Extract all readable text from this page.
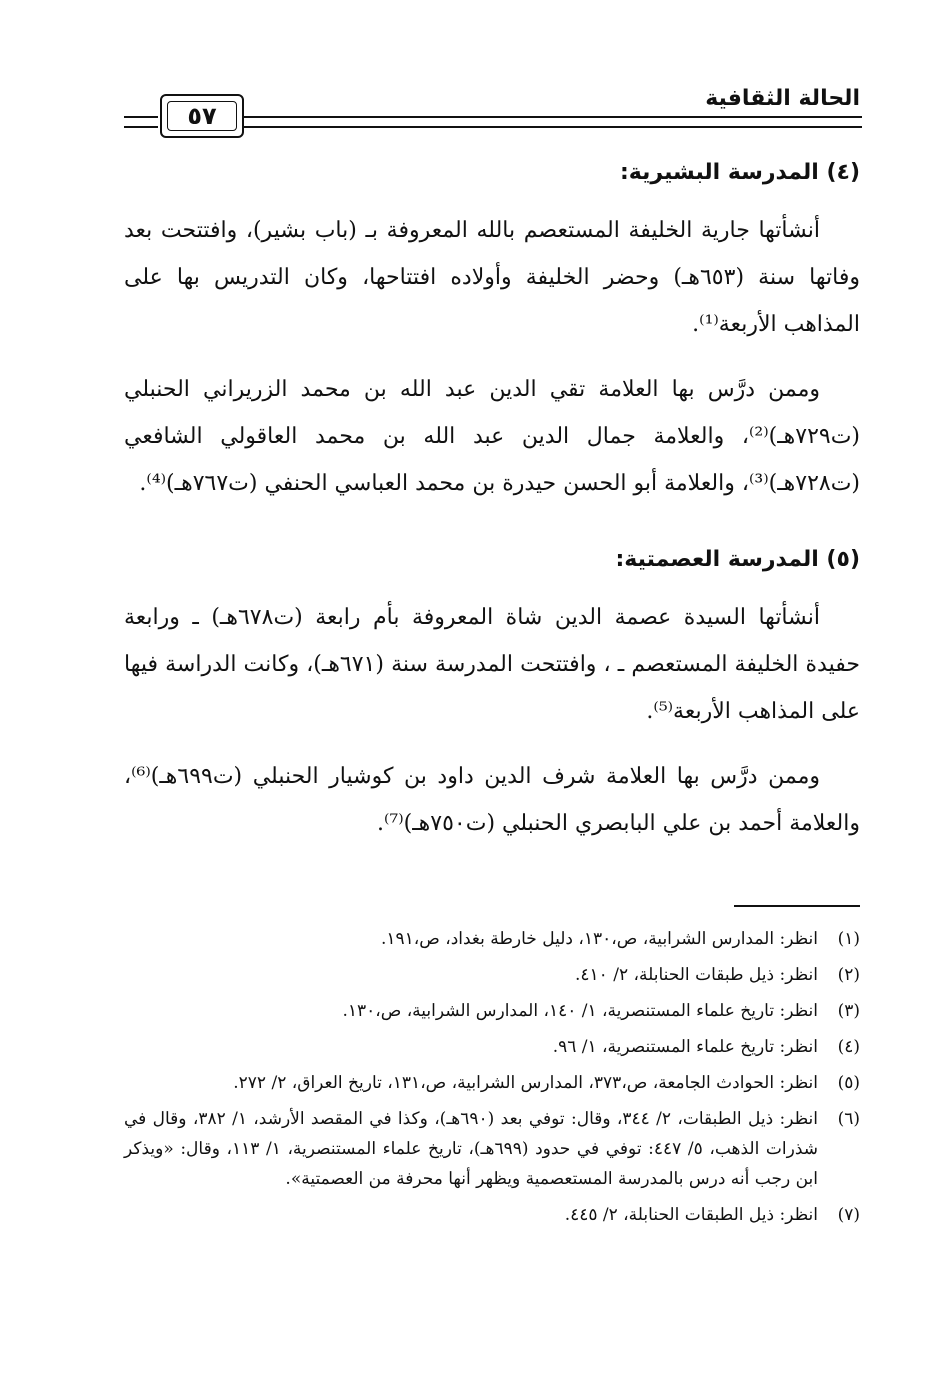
الحالة الثقافية
٥٧
(٤) المدرسة البشيرية:

أنشأتها جارية الخليفة المستعصم بالله المعروفة بـ (باب بشير)، وافتتحت بعد وفاتها سنة (٦٥٣هـ) وحضر الخليفة وأولاده افتتاحها، وكان التدريس بها على المذاهب الأربعة⁽¹⁾.

وممن درَّس بها العلامة تقي الدين عبد الله بن محمد الزريراني الحنبلي (ت٧٢٩هـ)⁽²⁾، والعلامة جمال الدين عبد الله بن محمد العاقولي الشافعي (ت٧٢٨هـ)⁽³⁾، والعلامة أبو الحسن حيدرة بن محمد العباسي الحنفي (ت٧٦٧هـ)⁽⁴⁾.

(٥) المدرسة العصمتية:

أنشأتها السيدة عصمة الدين شاة المعروفة بأم رابعة (ت٦٧٨هـ) ـ ورابعة حفيدة الخليفة المستعصم ـ ، وافتتحت المدرسة سنة (٦٧١هـ)، وكانت الدراسة فيها على المذاهب الأربعة⁽⁵⁾.

وممن درَّس بها العلامة شرف الدين داود بن كوشيار الحنبلي (ت٦٩٩هـ)⁽⁶⁾، والعلامة أحمد بن علي البابصري الحنبلي (ت٧٥٠هـ)⁽⁷⁾.

(١)
انظر: المدارس الشرابية، ص،١٣٠، دليل خارطة بغداد، ص،١٩١.
(٢)
انظر: ذيل طبقات الحنابلة، ٢/ ٤١٠.
(٣)
انظر: تاريخ علماء المستنصرية، ١/ ١٤٠، المدارس الشرابية، ص،١٣٠.
(٤)
انظر: تاريخ علماء المستنصرية، ١/ ٩٦.
(٥)
انظر: الحوادث الجامعة، ص،٣٧٣، المدارس الشرابية، ص،١٣١، تاريخ العراق، ٢/ ٢٧٢.
(٦)
انظر: ذيل الطبقات، ٢/ ٣٤٤، وقال: توفي بعد (٦٩٠هـ)، وكذا في المقصد الأرشد، ١/ ٣٨٢، وقال في شذرات الذهب، ٥/ ٤٤٧: توفي في حدود (٦٩٩هـ)، تاريخ علماء المستنصرية، ١/ ١١٣، وقال: «ويذكر ابن رجب أنه درس بالمدرسة المستعصمية ويظهر أنها محرفة من العصمتية».
(٧)
انظر: ذيل الطبقات الحنابلة، ٢/ ٤٤٥.
